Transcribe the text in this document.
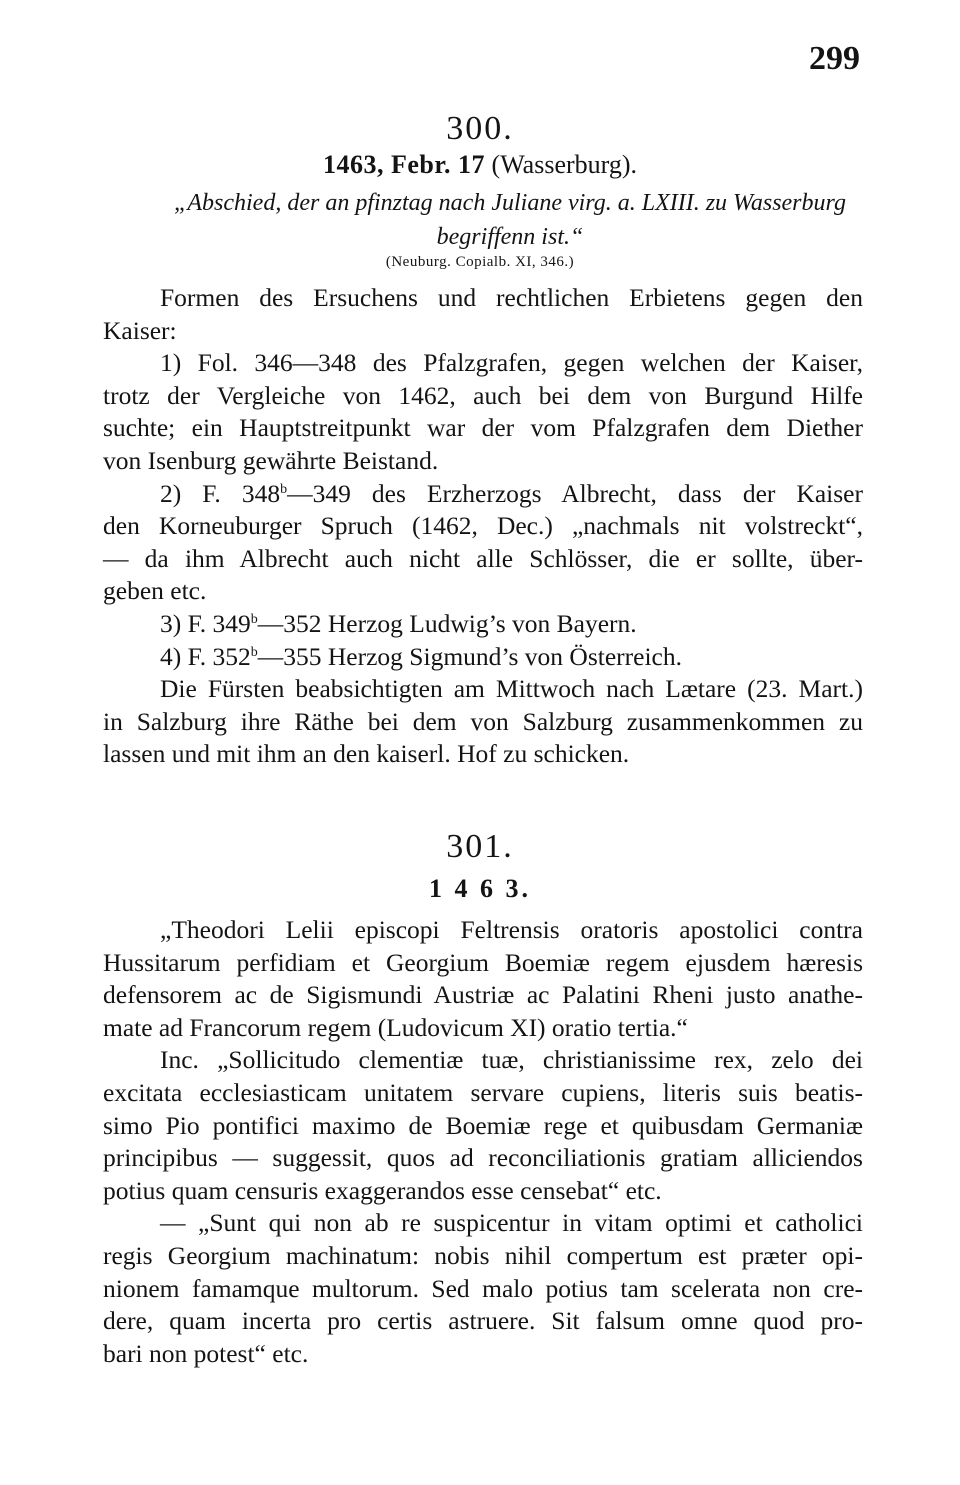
299
300.
1463, Febr. 17 (Wasserburg).
„Abschied, der an pfinztag nach Juliane virg. a. LXIII. zu Wasserburg
begriffenn ist.“
(Neuburg. Copialb. XI, 346.)

Formen des Ersuchens und rechtlichen Erbietens gegen den

Kaiser:

1) Fol. 346—348 des Pfalzgrafen, gegen welchen der Kaiser,

trotz der Vergleiche von 1462, auch bei dem von Burgund Hilfe
suchte; ein Hauptstreitpunkt war der vom Pfalzgrafen dem Diether
von Isenburg gewährte Beistand.

2) F. 348$^b$—349 des Erzherzogs Albrecht, dass der Kaiser

den Korneuburger Spruch (1462, Dec.) „nachmals nit volstreckt“,

— da ihm Albrecht auch nicht alle Schlösser, die er sollte, über-

geben etc.

3) F. 349$^b$—352 Herzog Ludwig’s von Bayern.

4) F. 352$^b$—355 Herzog Sigmund’s von Österreich.

Die Fürsten beabsichtigten am Mittwoch nach Lætare (23. Mart.)

in Salzburg ihre Räthe bei dem von Salzburg zusammenkommen zu
lassen und mit ihm an den kaiserl. Hof zu schicken.

301.
1 4 6 3.

„Theodori Lelii episcopi Feltrensis oratoris apostolici contra

Hussitarum perfidiam et Georgium Boemiæ regem ejusdem hæresis
defensorem ac de Sigismundi Austriæ ac Palatini Rheni justo anathe-
mate ad Francorum regem (Ludovicum XI) oratio tertia.“

Inc. „Sollicitudo clementiæ tuæ, christianissime rex, zelo dei

excitata ecclesiasticam unitatem servare cupiens, literis suis beatis-
simo Pio pontifici maximo de Boemiæ rege et quibusdam Germaniæ
principibus — suggessit, quos ad reconciliationis gratiam alliciendos
potius quam censuris exaggerandos esse censebat“ etc.

— „Sunt qui non ab re suspicentur in vitam optimi et catholici

regis Georgium machinatum: nobis nihil compertum est præter opi-
nionem famamque multorum. Sed malo potius tam scelerata non cre-
dere, quam incerta pro certis astruere. Sit falsum omne quod pro-
bari non potest“ etc.
